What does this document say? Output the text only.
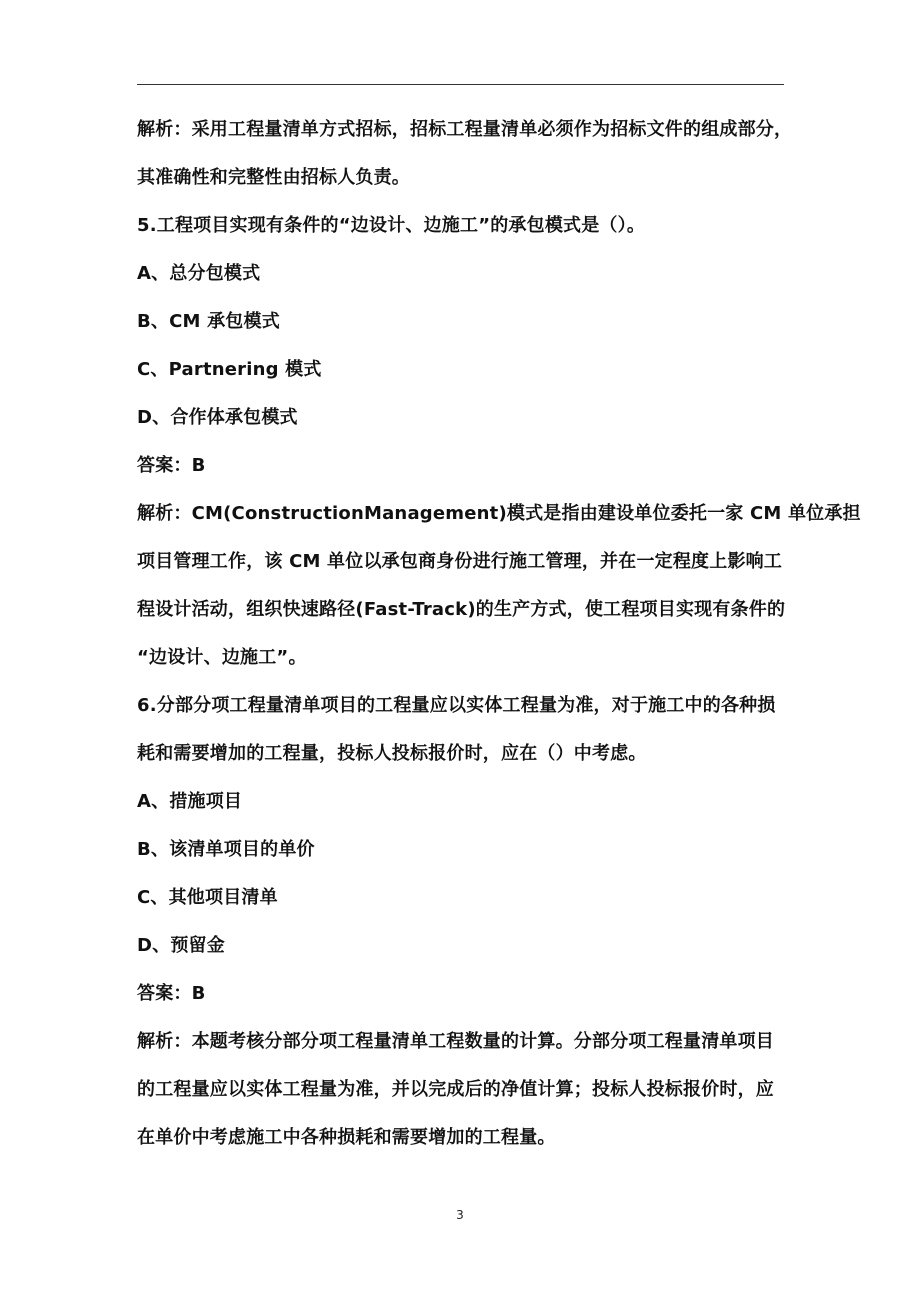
解析：采用工程量清单方式招标，招标工程量清单必须作为招标文件的组成部分，
其准确性和完整性由招标人负责。
5.工程项目实现有条件的“边设计、边施工”的承包模式是（）。
A、总分包模式
B、CM 承包模式
C、Partnering 模式
D、合作体承包模式
答案：B
解析：CM(ConstructionManagement)模式是指由建设单位委托一家 CM 单位承担
项目管理工作，该 CM 单位以承包商身份进行施工管理，并在一定程度上影响工
程设计活动，组织快速路径(Fast-Track)的生产方式，使工程项目实现有条件的
“边设计、边施工”。
6.分部分项工程量清单项目的工程量应以实体工程量为准，对于施工中的各种损
耗和需要增加的工程量，投标人投标报价时，应在（）中考虑。
A、措施项目
B、该清单项目的单价
C、其他项目清单
D、预留金
答案：B
解析：本题考核分部分项工程量清单工程数量的计算。分部分项工程量清单项目
的工程量应以实体工程量为准，并以完成后的净值计算；投标人投标报价时，应
在单价中考虑施工中各种损耗和需要增加的工程量。
3
